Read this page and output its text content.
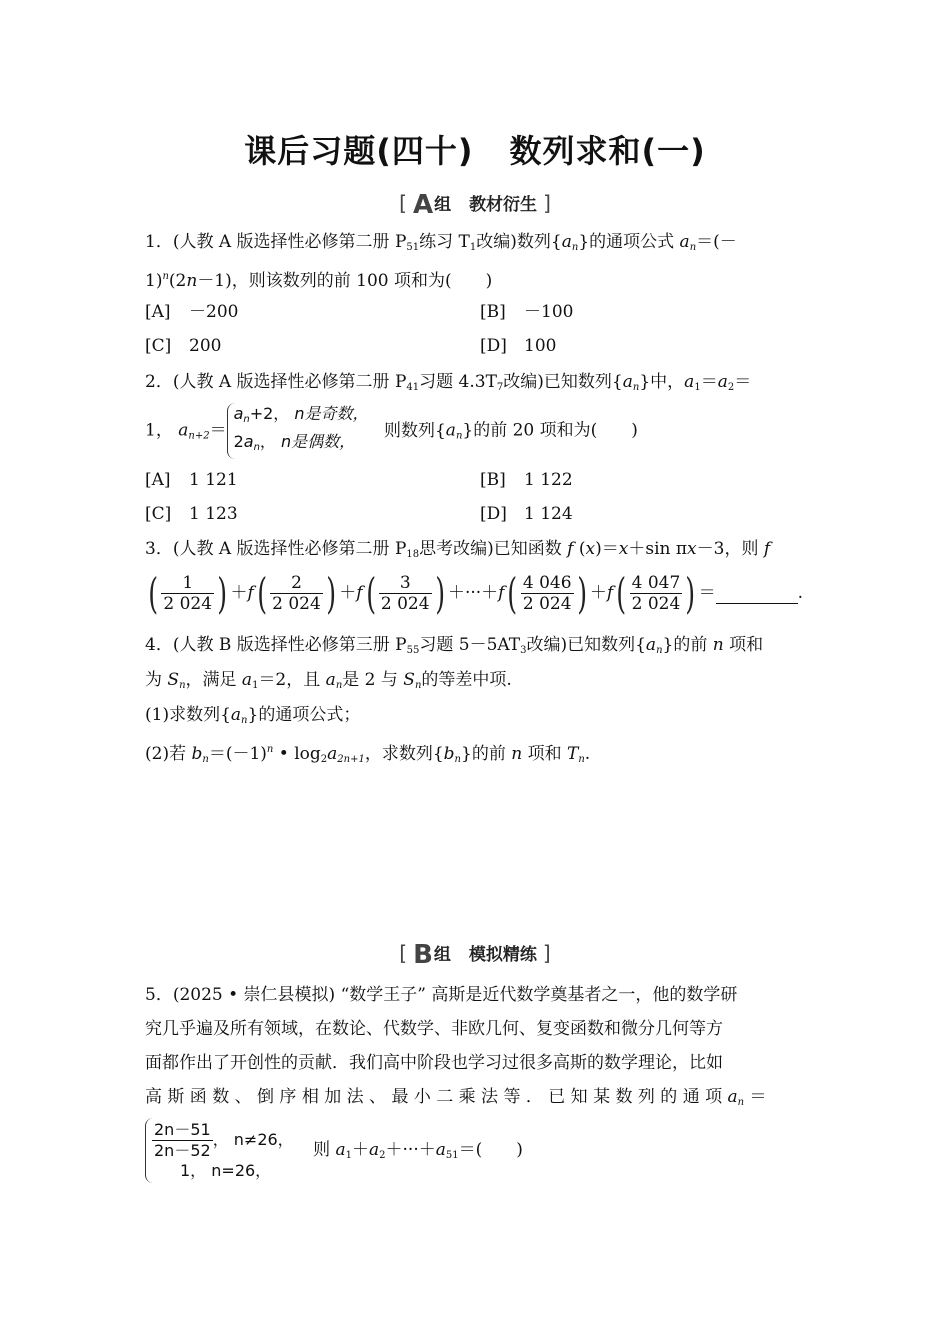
课后习题(四十) 数列求和(一)
[ A 组 教材衍生 ]
1．(人教 A 版选择性必修第二册 $P_{51}$练习 $T_1$改编)数列$\{a_n\}$的通项公式 $a_n=(-$
1)$^n$(2n－1)，则该数列的前 100 项和为(　　)
[A] －200	[B] －100
[C] 200	[D] 100
2．(人教 A 版选择性必修第二册 $P_{41}$习题 $4.3T_7$改编)已知数列$\{a_n\}$中，$a_1=a_2=$
1， $a_{n+2}=$
$a_n+2$， n是奇数，
$2a_n$， n是偶数，
则数列$\{a_n\}$的前 20 项和为(　　)
[A] 1 121	[B] 1 122
[C] 1 123	[D] 1 124
3．(人教 A 版选择性必修第二册 $P_{18}$思考改编)已知函数 f (x)＝x＋sin πx－3，则 f
( $\frac{1}{2 024}$ ) $+f( \frac{2}{2 024}$ ) $+f( \frac{3}{2 024}$ ) $+\cdot\cdot\cdot+f( \frac{4 046}{2 024}$ ) $+f( \frac{4 047}{2 024}$ ) ＝	.
4．(人教 B 版选择性必修第三册 $P_{55}$习题 $5-5AT_3$改编)已知数列$\{a_n\}$的前 n 项和
为 $S_n$，满足 $a_1=2$，且 $a_n$是 2 与 $S_n$的等差中项.
(1)求数列$\{a_n\}$的通项公式；
(2)若 $b_n=(-1)^n$ • $\log_2a_{2n+1}$，求数列$\{b_n\}$的前 n 项和 $T_n$.
[ B 组 模拟精练 ]
5．(2025 • 崇仁县模拟) “数学王子” 高斯是近代数学奠基者之一，他的数学研
究几乎遍及所有领域，在数论、代数学、非欧几何、复变函数和微分几何等方
面都作出了开创性的贡献．我们高中阶段也学习过很多高斯的数学理论，比如
高 斯 函 数 、 倒 序 相 加 法 、 最 小 二 乘 法 等 ． 已 知 某 数 列 的 通 项 $a_n$ ＝
$\frac{2n-51}{2n-52}$ ， n≠26，
1， n=26，
则 $a_1+a_2+\cdot\cdot\cdot+a_{51}=$(　　)
